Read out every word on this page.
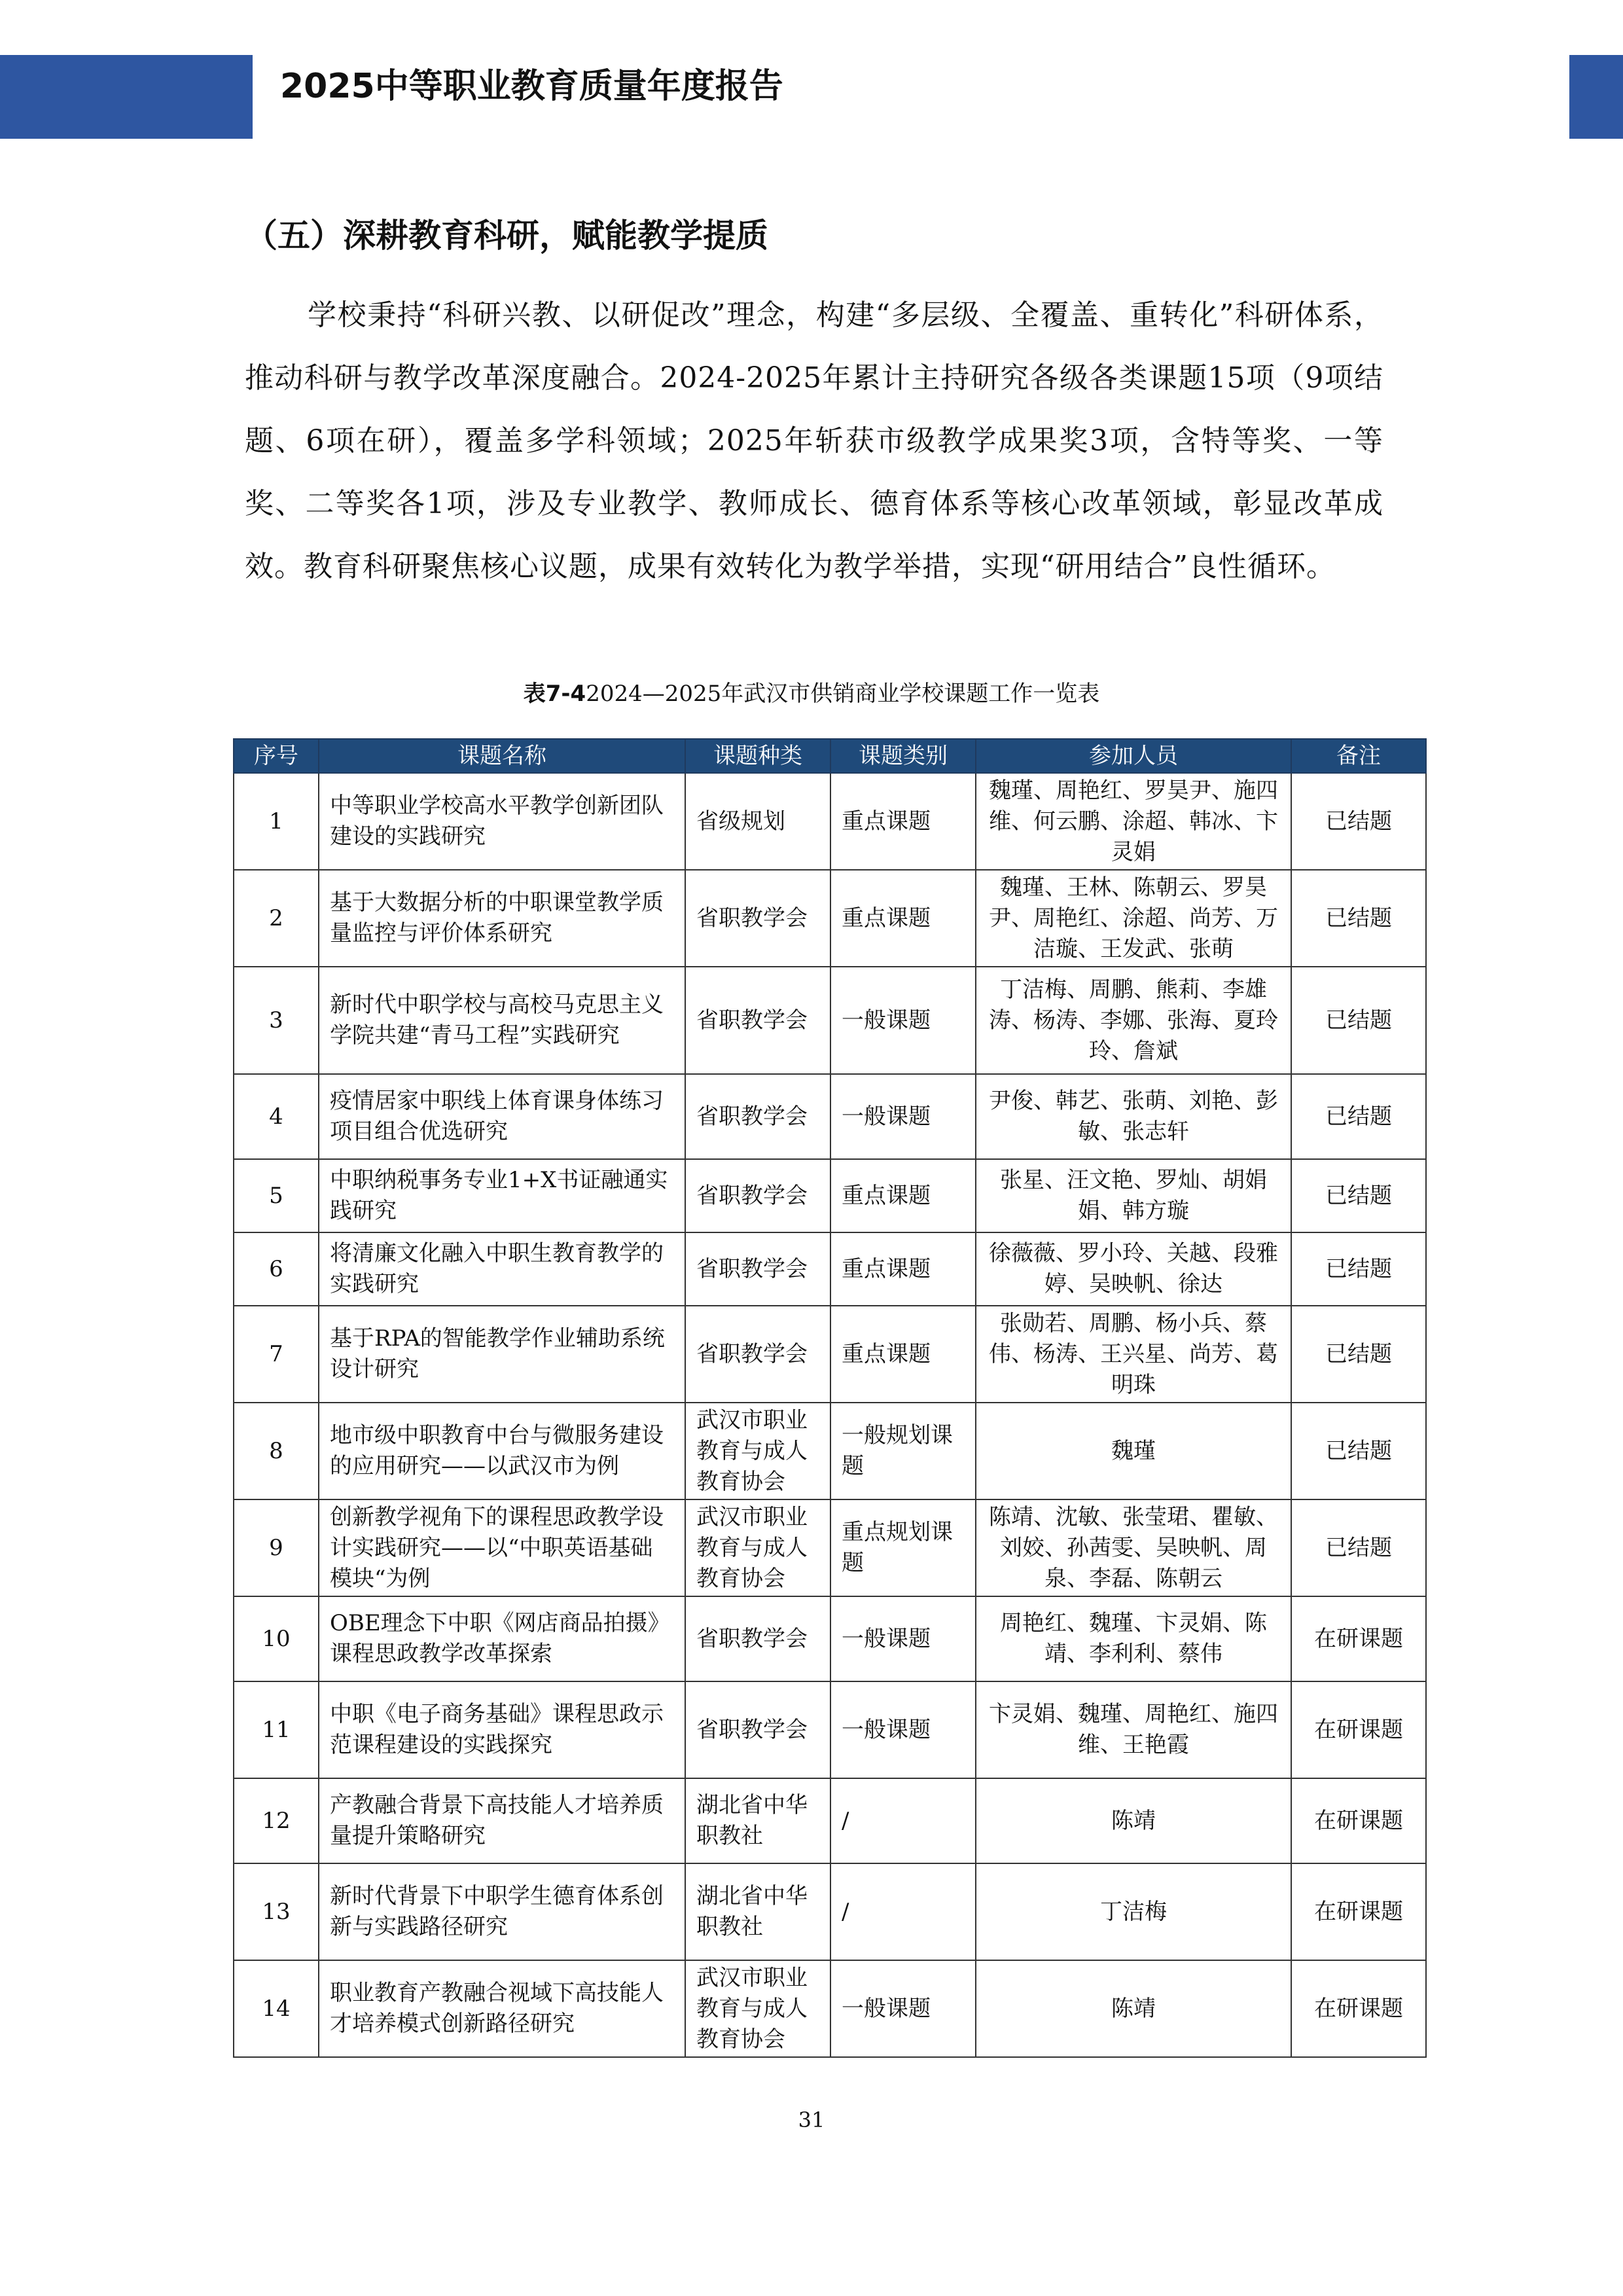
2025中等职业教育质量年度报告
（五）深耕教育科研，赋能教学提质

学校秉持“科研兴教、以研促改”理念，构建“多层级、全覆盖、重转化”科研体系，推动科研与教学改革深度融合。2024-2025年累计主持研究各级各类课题15项（9项结题、6项在研），覆盖多学科领域；2025年斩获市级教学成果奖3项，含特等奖、一等奖、二等奖各1项，涉及专业教学、教师成长、德育体系等核心改革领域，彰显改革成效。教育科研聚焦核心议题，成果有效转化为教学举措，实现“研用结合”良性循环。

表7-42024—2025年武汉市供销商业学校课题工作一览表
序号	课题名称	课题种类	课题类别	参加人员	备注
1	中等职业学校高水平教学创新团队建设的实践研究	省级规划	重点课题	魏瑾、周艳红、罗昊尹、施四维、何云鹏、涂超、韩冰、卞灵娟	已结题
2	基于大数据分析的中职课堂教学质量监控与评价体系研究	省职教学会	重点课题	魏瑾、王林、陈朝云、罗昊尹、周艳红、涂超、尚芳、万洁璇、王发武、张萌	已结题
3	新时代中职学校与高校马克思主义学院共建“青马工程”实践研究	省职教学会	一般课题	丁洁梅、周鹏、熊莉、李雄涛、杨涛、李娜、张海、夏玲玲、詹斌	已结题
4	疫情居家中职线上体育课身体练习项目组合优选研究	省职教学会	一般课题	尹俊、韩艺、张萌、刘艳、彭敏、张志轩	已结题
5	中职纳税事务专业1+X书证融通实践研究	省职教学会	重点课题	张星、汪文艳、罗灿、胡娟娟、韩方璇	已结题
6	将清廉文化融入中职生教育教学的实践研究	省职教学会	重点课题	徐薇薇、罗小玲、关越、段雅婷、吴映帆、徐达	已结题
7	基于RPA的智能教学作业辅助系统设计研究	省职教学会	重点课题	张勋若、周鹏、杨小兵、蔡伟、杨涛、王兴星、尚芳、葛明珠	已结题
8	地市级中职教育中台与微服务建设的应用研究——以武汉市为例	武汉市职业教育与成人教育协会	一般规划课题	魏瑾	已结题
9	创新教学视角下的课程思政教学设计实践研究——以“中职英语基础模块“为例	武汉市职业教育与成人教育协会	重点规划课题	陈靖、沈敏、张莹珺、瞿敏、刘姣、孙茜雯、吴映帆、周泉、李磊、陈朝云	已结题
10	OBE理念下中职《网店商品拍摄》课程思政教学改革探索	省职教学会	一般课题	周艳红、魏瑾、卞灵娟、陈靖、李利利、蔡伟	在研课题
11	中职《电子商务基础》课程思政示范课程建设的实践探究	省职教学会	一般课题	卞灵娟、魏瑾、周艳红、施四维、王艳霞	在研课题
12	产教融合背景下高技能人才培养质量提升策略研究	湖北省中华职教社	/	陈靖	在研课题
13	新时代背景下中职学生德育体系创新与实践路径研究	湖北省中华职教社	/	丁洁梅	在研课题
14	职业教育产教融合视域下高技能人才培养模式创新路径研究	武汉市职业教育与成人教育协会	一般课题	陈靖	在研课题
31
